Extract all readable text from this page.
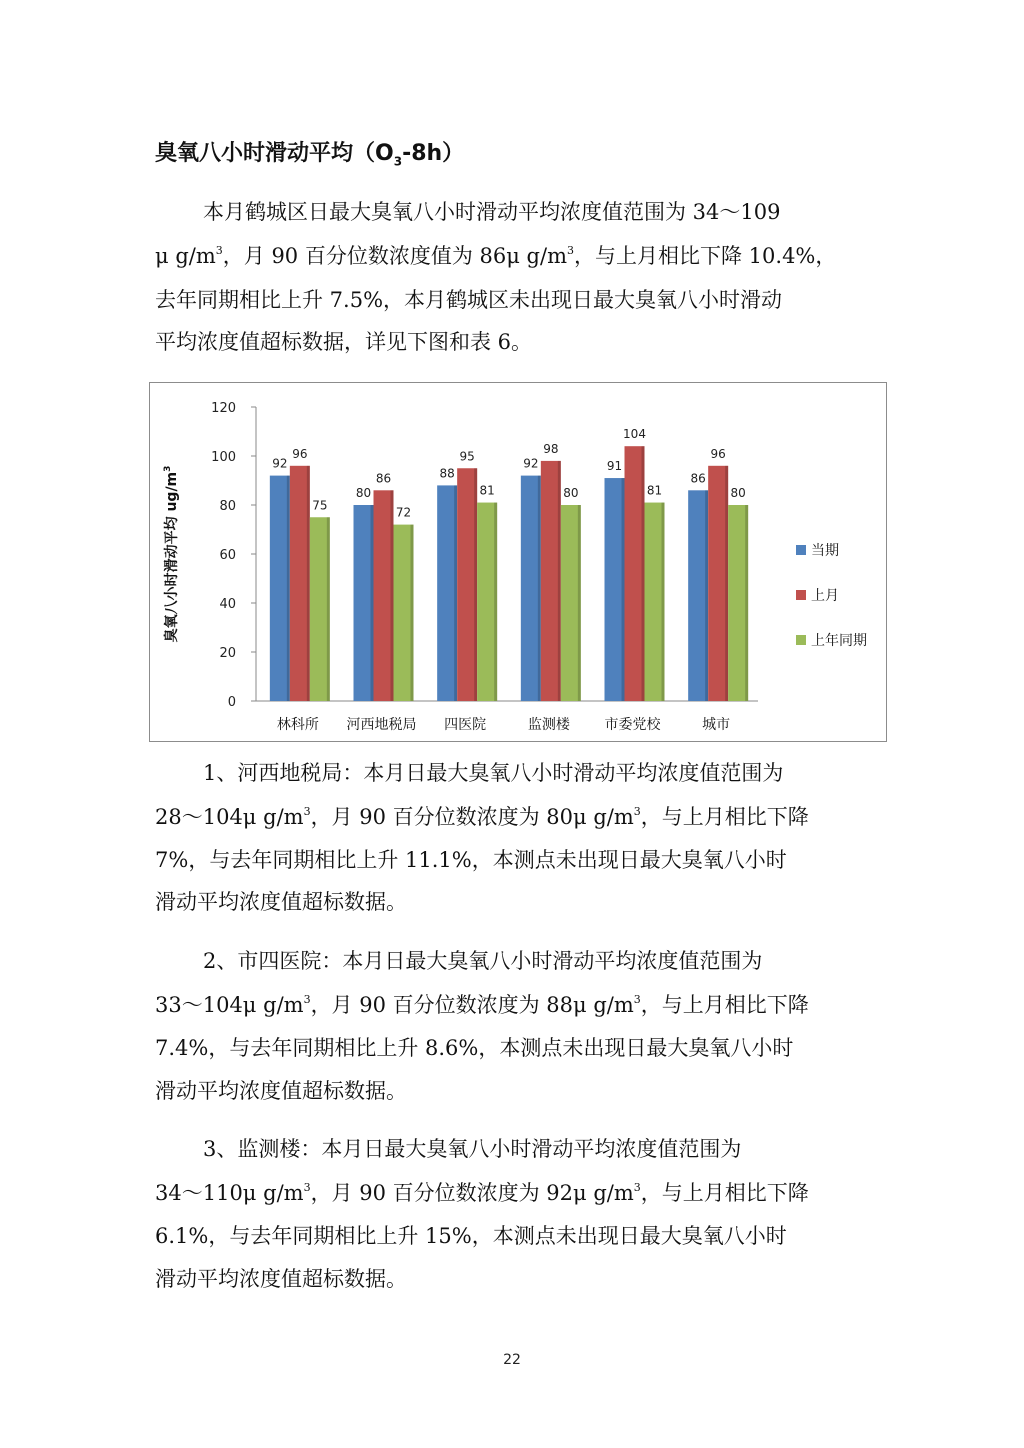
臭氧八小时滑动平均$(O_3-8h)$
本月鹤城区日最大臭氧八小时滑动平均浓度值范围为 34～109
μ $g/m^3$，月 90 百分位数浓度值为 86μ $g/m^3$，与上月相比下降 10.4%，
去年同期相比上升 7.5%，本月鹤城区未出现日最大臭氧八小时滑动
平均浓度值超标数据，详见下图和表 6。
0
20
40
60
80
100
120
臭氧八小时滑动平均 $ug/m^3$	92
96
75
林科所
80
86
72
河西地税局
88
95
81
四医院
92
98
80
监测楼
91
104
81
市委党校
86
96
80
城市
当期
上月
上年同期
1、河西地税局：本月日最大臭氧八小时滑动平均浓度值范围为
28～104μ $g/m^3$，月 90 百分位数浓度为 80μ $g/m^3$，与上月相比下降
7%，与去年同期相比上升 11.1%，本测点未出现日最大臭氧八小时
滑动平均浓度值超标数据。
2、市四医院：本月日最大臭氧八小时滑动平均浓度值范围为
33～104μ $g/m^3$，月 90 百分位数浓度为 88μ $g/m^3$，与上月相比下降
7.4%，与去年同期相比上升 8.6%，本测点未出现日最大臭氧八小时
滑动平均浓度值超标数据。
3、监测楼：本月日最大臭氧八小时滑动平均浓度值范围为
34～110μ $g/m^3$，月 90 百分位数浓度为 92μ $g/m^3$，与上月相比下降
6.1%，与去年同期相比上升 15%，本测点未出现日最大臭氧八小时
滑动平均浓度值超标数据。
22
